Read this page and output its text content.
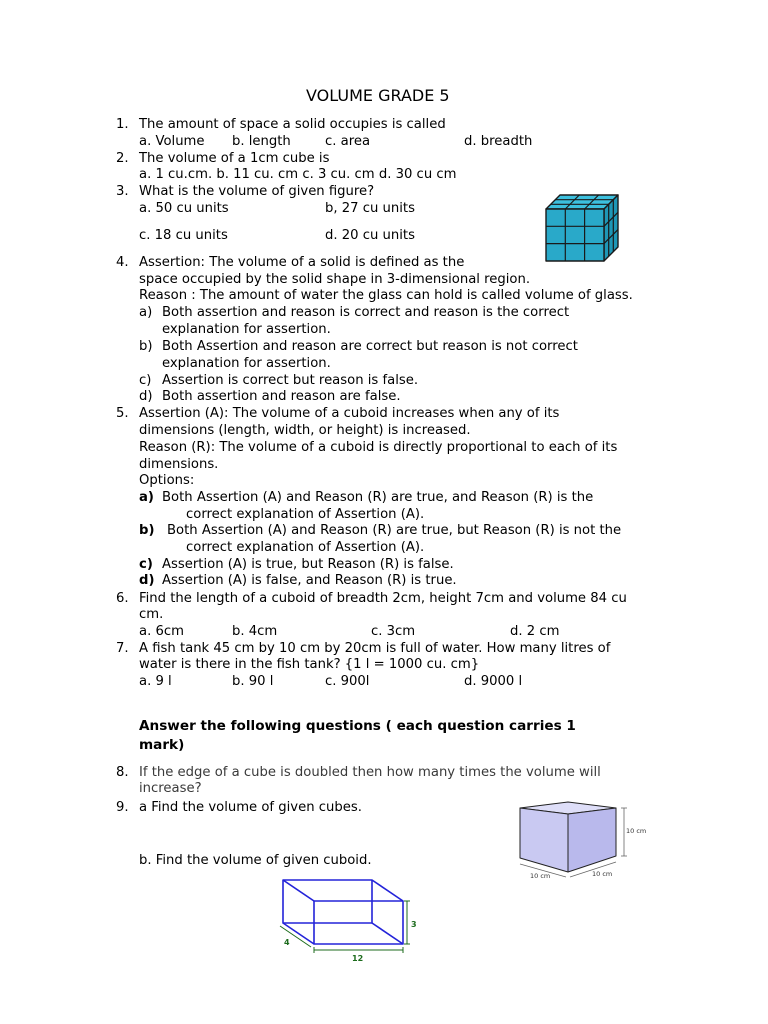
VOLUME GRADE 5
1. The amount of space a solid occupies is called
a. Volume b. length	c. area	d. breadth
2. The volume of a 1cm cube is
a. 1 cu.cm. b. 11 cu. cm c. 3 cu. cm d. 30 cu cm
3. What is the volume of given figure?
a. 50 cu units	b, 27 cu units
c. 18 cu units	d. 20 cu units
4. Assertion: The volume of a solid is defined as the
space occupied by the solid shape in 3-dimensional region.
Reason : The amount of water the glass can hold is called volume of glass.
a) Both assertion and reason is correct and reason is the correct
explanation for assertion.
b) Both Assertion and reason are correct but reason is not correct
explanation for assertion.
c) Assertion is correct but reason is false.
d) Both assertion and reason are false.
5. Assertion (A): The volume of a cuboid increases when any of its
dimensions (length, width, or height) is increased.
Reason (R): The volume of a cuboid is directly proportional to each of its
dimensions.
Options:
a) Both Assertion (A) and Reason (R) are true, and Reason (R) is the
correct explanation of Assertion (A).
b) Both Assertion (A) and Reason (R) are true, but Reason (R) is not the
correct explanation of Assertion (A).
c) Assertion (A) is true, but Reason (R) is false.
d) Assertion (A) is false, and Reason (R) is true.
6. Find the length of a cuboid of breadth 2cm, height 7cm and volume 84 cu
cm.
a. 6cm	b. 4cm	c. 3cm	d. 2 cm
7. A fish tank 45 cm by 10 cm by 20cm is full of water. How many litres of
water is there in the fish tank? {1 l = 1000 cu. cm}
a. 9 l	b. 90 l	c. 900l	d. 9000 l
Answer the following questions ( each question carries 1
mark)
8. If the edge of a cube is doubled then how many times the volume will
increase?
9. a Find the volume of given cubes.
b. Find the volume of given cuboid.
10 cm
10 cm	10 cm
3
4
12
